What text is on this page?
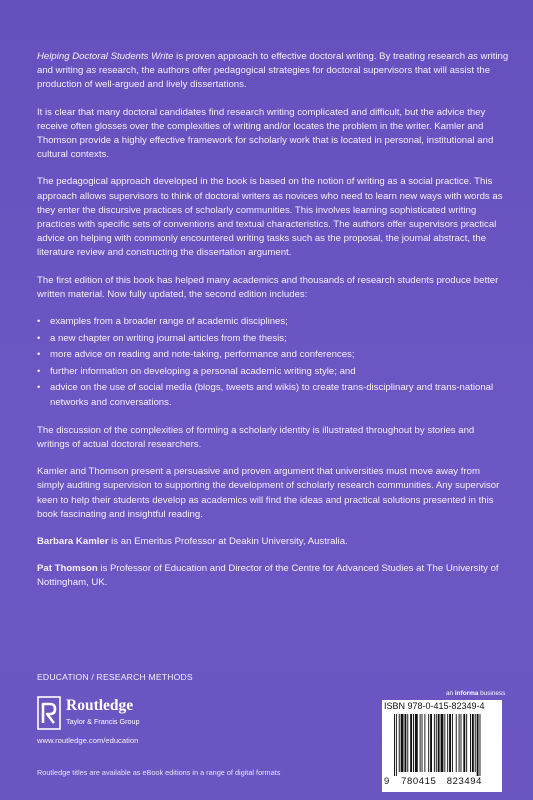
Helping Doctoral Students Write is proven approach to effective doctoral writing. By treating research as writing and writing as research, the authors offer pedagogical strategies for doctoral supervisors that will assist the production of well-argued and lively dissertations.

It is clear that many doctoral candidates find research writing complicated and difficult, but the advice they receive often glosses over the complexities of writing and/or locates the problem in the writer. Kamler and Thomson provide a highly effective framework for scholarly work that is located in personal, institutional and cultural contexts.

The pedagogical approach developed in the book is based on the notion of writing as a social practice. This approach allows supervisors to think of doctoral writers as novices who need to learn new ways with words as they enter the discursive practices of scholarly communities. This involves learning sophisticated writing practices with specific sets of conventions and textual characteristics. The authors offer supervisors practical advice on helping with commonly encountered writing tasks such as the proposal, the journal abstract, the literature review and constructing the dissertation argument.

The first edition of this book has helped many academics and thousands of research students produce better written material. Now fully updated, the second edition includes:

• examples from a broader range of academic disciplines;
• a new chapter on writing journal articles from the thesis;
• more advice on reading and note-taking, performance and conferences;
• further information on developing a personal academic writing style; and
• advice on the use of social media (blogs, tweets and wikis) to create trans-disciplinary and trans-national networks and conversations.

The discussion of the complexities of forming a scholarly identity is illustrated throughout by stories and writings of actual doctoral researchers.

Kamler and Thomson present a persuasive and proven argument that universities must move away from simply auditing supervision to supporting the development of scholarly research communities. Any supervisor keen to help their students develop as academics will find the ideas and practical solutions presented in this book fascinating and insightful reading.

Barbara Kamler is an Emeritus Professor at Deakin University, Australia.

Pat Thomson is Professor of Education and Director of the Centre for Advanced Studies at The University of Nottingham, UK.

EDUCATION / RESEARCH METHODS
Routledge
Taylor & Francis Group
www.routledge.com/education
Routledge titles are available as eBook editions in a range of digital formats
an informa business
ISBN 978-0-415-82349-4
9 780415 823494
